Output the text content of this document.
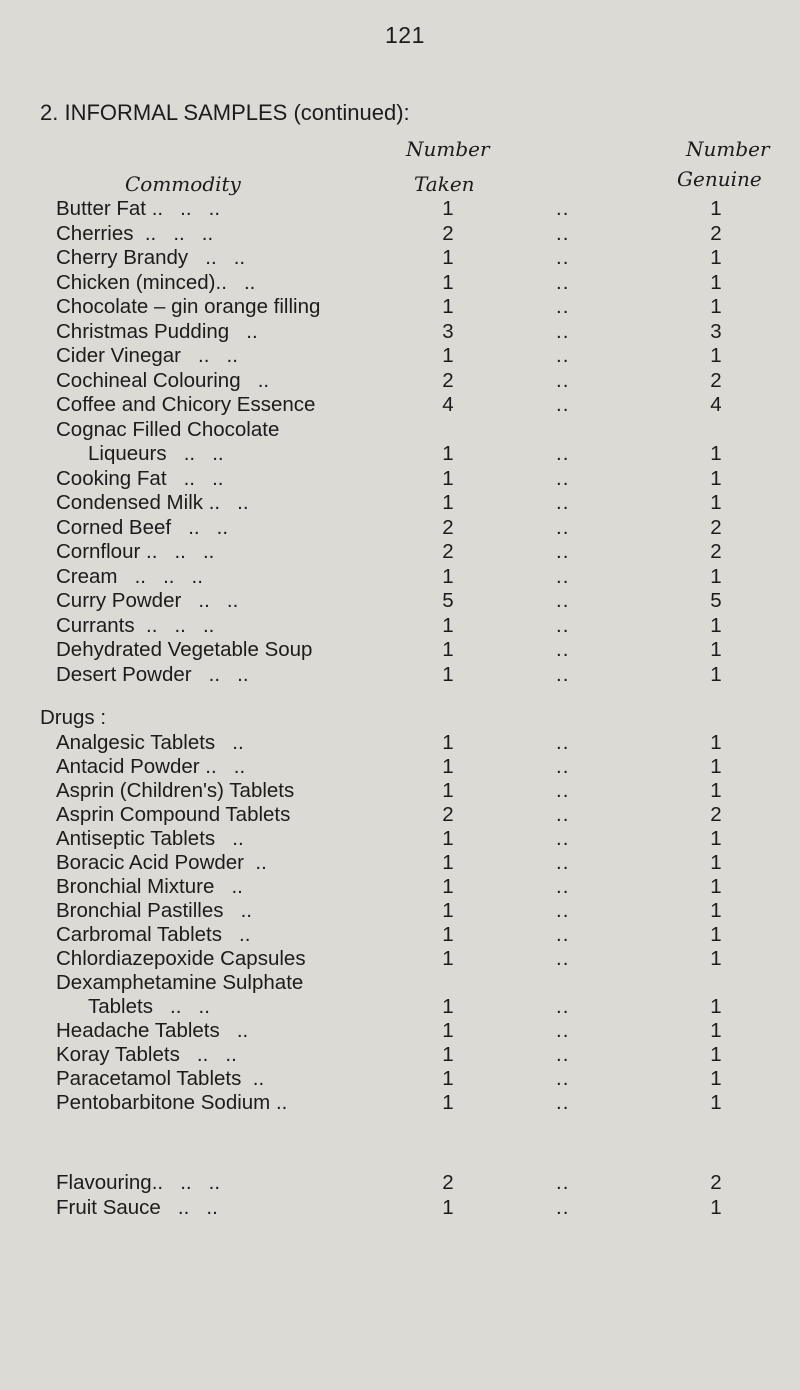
121
2. INFORMAL SAMPLES (continued):
Commodity
Number
Taken
Number
Genuine
Butter Fat ..   ..   ..	1	..	1
Cherries  ..   ..   ..	2	..	2
Cherry Brandy   ..   ..	1	..	1
Chicken (minced)..   ..	1	..	1
Chocolate – gin orange filling	1	..	1
Christmas Pudding   ..	3	..	3
Cider Vinegar   ..   ..	1	..	1
Cochineal Colouring   ..	2	..	2
Coffee and Chicory Essence	4	..	4
Cognac Filled Chocolate
Liqueurs   ..   ..	1	..	1
Cooking Fat   ..   ..	1	..	1
Condensed Milk ..   ..	1	..	1
Corned Beef   ..   ..	2	..	2
Cornflour ..   ..   ..	2	..	2
Cream   ..   ..   ..	1	..	1
Curry Powder   ..   ..	5	..	5
Currants  ..   ..   ..	1	..	1
Dehydrated Vegetable Soup	1	..	1
Desert Powder   ..   ..	1	..	1
Drugs :
Analgesic Tablets   ..	1	..	1
Antacid Powder ..   ..	1	..	1
Asprin (Children's) Tablets	1	..	1
Asprin Compound Tablets	2	..	2
Antiseptic Tablets   ..	1	..	1
Boracic Acid Powder  ..	1	..	1
Bronchial Mixture   ..	1	..	1
Bronchial Pastilles   ..	1	..	1
Carbromal Tablets   ..	1	..	1
Chlordiazepoxide Capsules	1	..	1
Dexamphetamine Sulphate
Tablets   ..   ..	1	..	1
Headache Tablets   ..	1	..	1
Koray Tablets   ..   ..	1	..	1
Paracetamol Tablets  ..	1	..	1
Pentobarbitone Sodium ..	1	..	1
Flavouring..   ..   ..	2	..	2
Fruit Sauce   ..   ..	1	..	1
